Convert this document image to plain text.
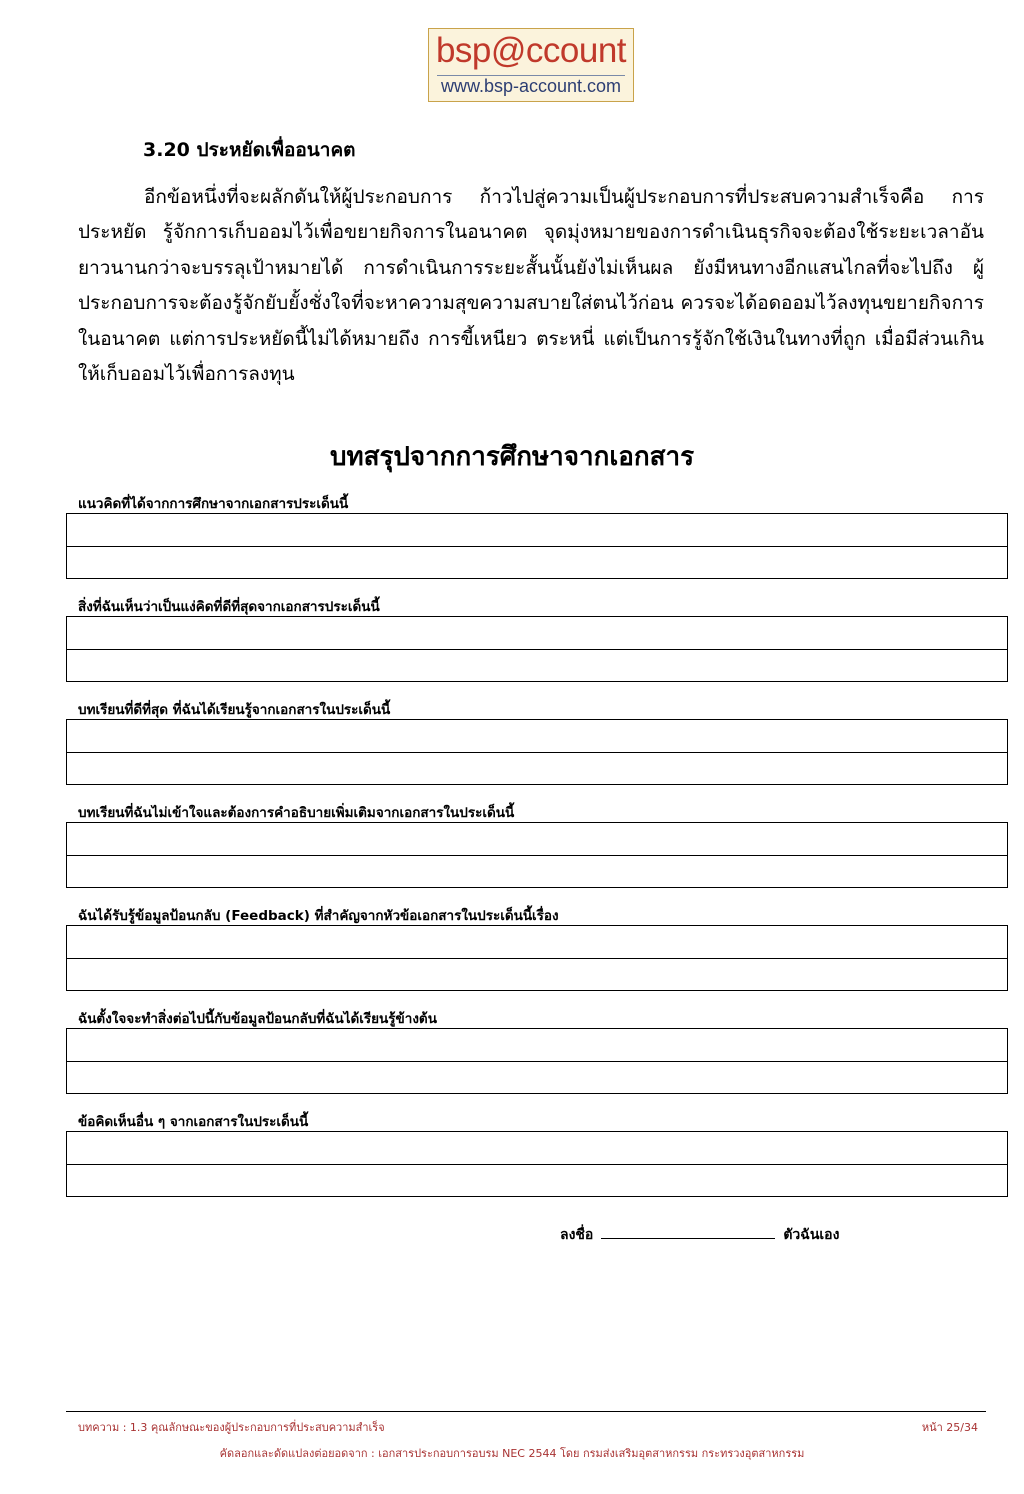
bsp@ccount
www.bsp-account.com
3.20 ประหยัดเพื่ออนาคต

อีกข้อหนึ่งที่จะผลักดันให้ผู้ประกอบการ ก้าวไปสู่ความเป็นผู้ประกอบการที่ประสบความสำเร็จคือ การประหยัด รู้จักการเก็บออมไว้เพื่อขยายกิจการในอนาคต จุดมุ่งหมายของการดำเนินธุรกิจจะต้องใช้ระยะเวลาอันยาวนานกว่าจะบรรลุเป้าหมายได้ การดำเนินการระยะสั้นนั้นยังไม่เห็นผล ยังมีหนทางอีกแสนไกลที่จะไปถึง ผู้ประกอบการจะต้องรู้จักยับยั้งชั่งใจที่จะหาความสุขความสบายใส่ตนไว้ก่อน ควรจะได้อดออมไว้ลงทุนขยายกิจการในอนาคต แต่การประหยัดนี้ไม่ได้หมายถึง การขี้เหนียว ตระหนี่ แต่เป็นการรู้จักใช้เงินในทางที่ถูก เมื่อมีส่วนเกินให้เก็บออมไว้เพื่อการลงทุน

บทสรุปจากการศึกษาจากเอกสาร
แนวคิดที่ได้จากการศึกษาจากเอกสารประเด็นนี้
สิ่งที่ฉันเห็นว่าเป็นแง่คิดที่ดีที่สุดจากเอกสารประเด็นนี้
บทเรียนที่ดีที่สุด ที่ฉันได้เรียนรู้จากเอกสารในประเด็นนี้
บทเรียนที่ฉันไม่เข้าใจและต้องการคำอธิบายเพิ่มเติมจากเอกสารในประเด็นนี้
ฉันได้รับรู้ข้อมูลป้อนกลับ (Feedback) ที่สำคัญจากหัวข้อเอกสารในประเด็นนี้เรื่อง
ฉันตั้งใจจะทำสิ่งต่อไปนี้กับข้อมูลป้อนกลับที่ฉันได้เรียนรู้ข้างต้น
ข้อคิดเห็นอื่น ๆ จากเอกสารในประเด็นนี้
ลงชื่อ	ตัวฉันเอง
บทความ : 1.3 คุณลักษณะของผู้ประกอบการที่ประสบความสำเร็จ	หน้า 25/34
คัดลอกและดัดแปลงต่อยอดจาก : เอกสารประกอบการอบรม NEC 2544 โดย กรมส่งเสริมอุตสาหกรรม กระทรวงอุตสาหกรรม
